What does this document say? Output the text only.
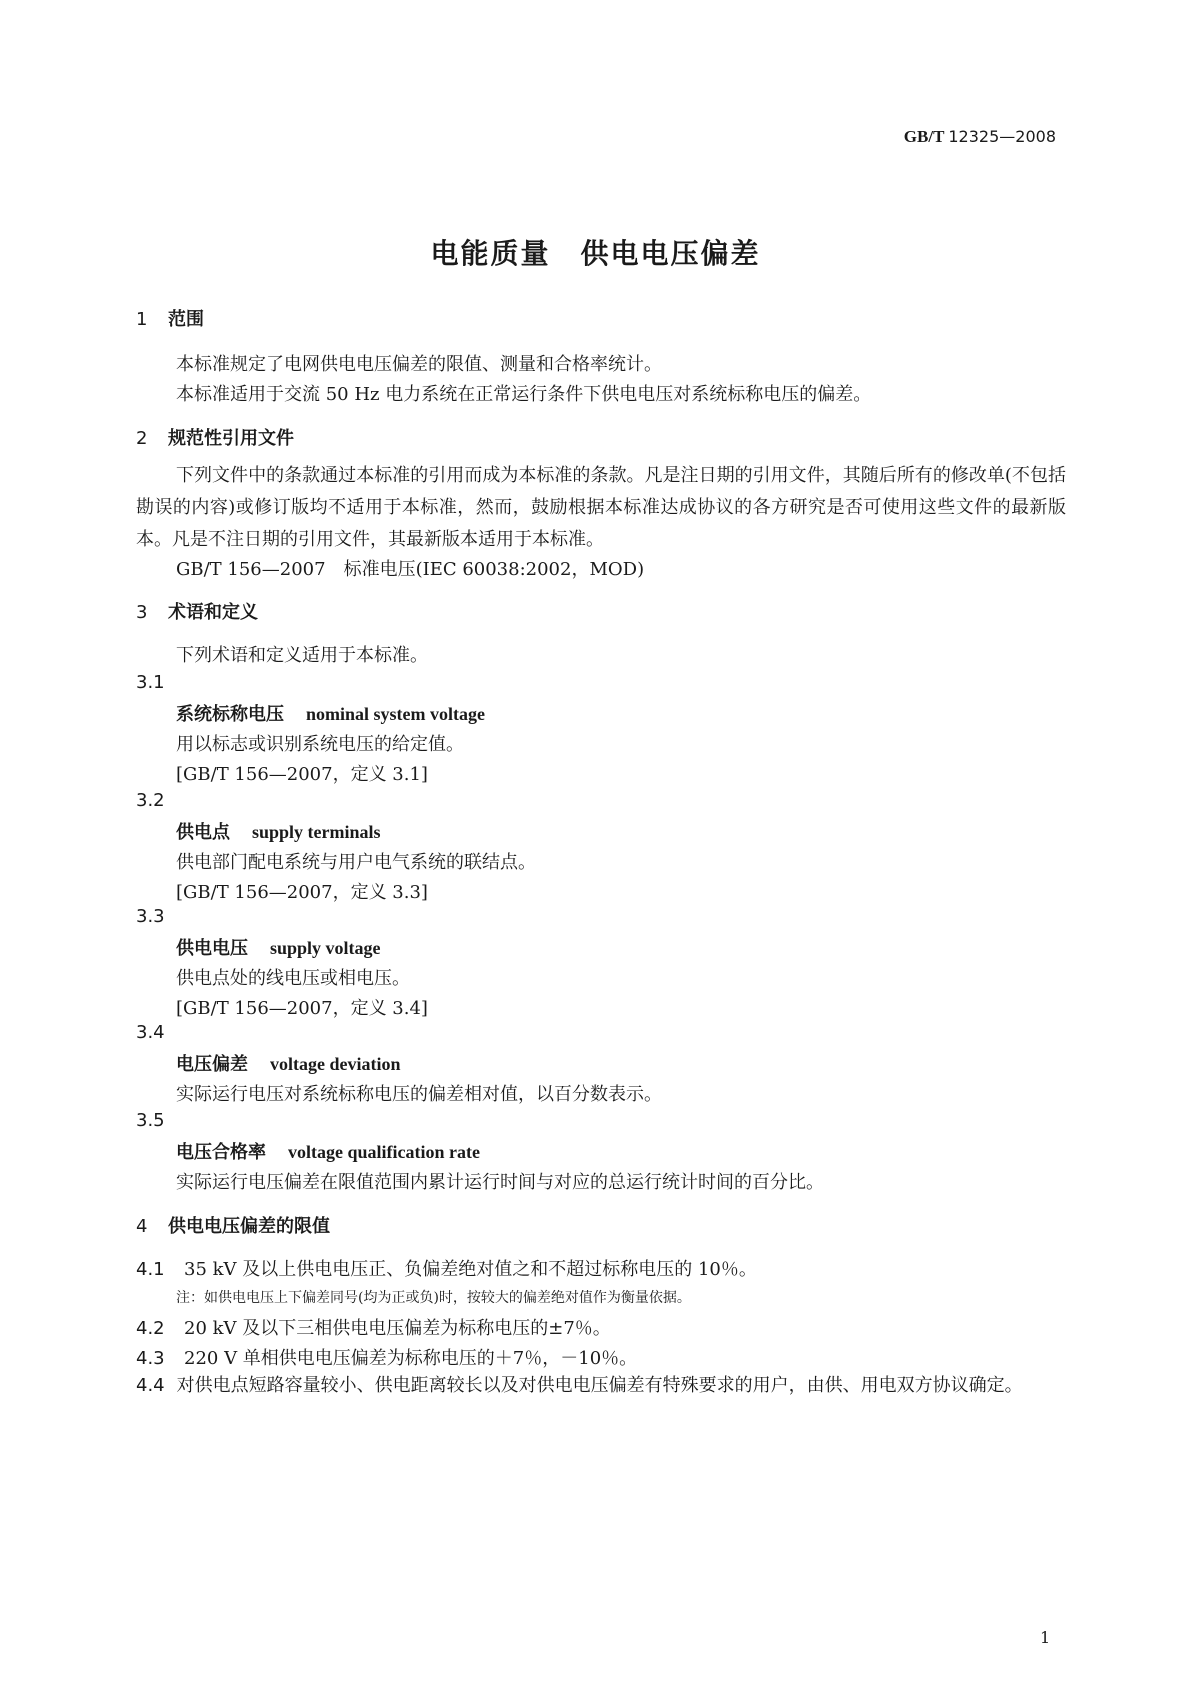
GB/T 12325—2008
电能质量 供电电压偏差
1 范围
本标准规定了电网供电电压偏差的限值、测量和合格率统计。
本标准适用于交流 50 Hz 电力系统在正常运行条件下供电电压对系统标称电压的偏差。
2 规范性引用文件
下列文件中的条款通过本标准的引用而成为本标准的条款。凡是注日期的引用文件，其随后所有的修改单(不包括勘误的内容)或修订版均不适用于本标准，然而，鼓励根据本标准达成协议的各方研究是否可使用这些文件的最新版本。凡是不注日期的引用文件，其最新版本适用于本标准。
GB/T 156—2007　标准电压(IEC 60038:2002，MOD)
3 术语和定义
下列术语和定义适用于本标准。
3.1
系统标称电压 nominal system voltage
用以标志或识别系统电压的给定值。
[GB/T 156—2007，定义 3.1]
3.2
供电点 supply terminals
供电部门配电系统与用户电气系统的联结点。
[GB/T 156—2007，定义 3.3]
3.3
供电电压 supply voltage
供电点处的线电压或相电压。
[GB/T 156—2007，定义 3.4]
3.4
电压偏差 voltage deviation
实际运行电压对系统标称电压的偏差相对值，以百分数表示。
3.5
电压合格率 voltage qualification rate
实际运行电压偏差在限值范围内累计运行时间与对应的总运行统计时间的百分比。
4 供电电压偏差的限值
4.1 35 kV 及以上供电电压正、负偏差绝对值之和不超过标称电压的 10％。
注：如供电电压上下偏差同号(均为正或负)时，按较大的偏差绝对值作为衡量依据。
4.2 20 kV 及以下三相供电电压偏差为标称电压的±7％。
4.3 220 V 单相供电电压偏差为标称电压的＋7％，－10％。
4.4 对供电点短路容量较小、供电距离较长以及对供电电压偏差有特殊要求的用户，由供、用电双方协议确定。
1
